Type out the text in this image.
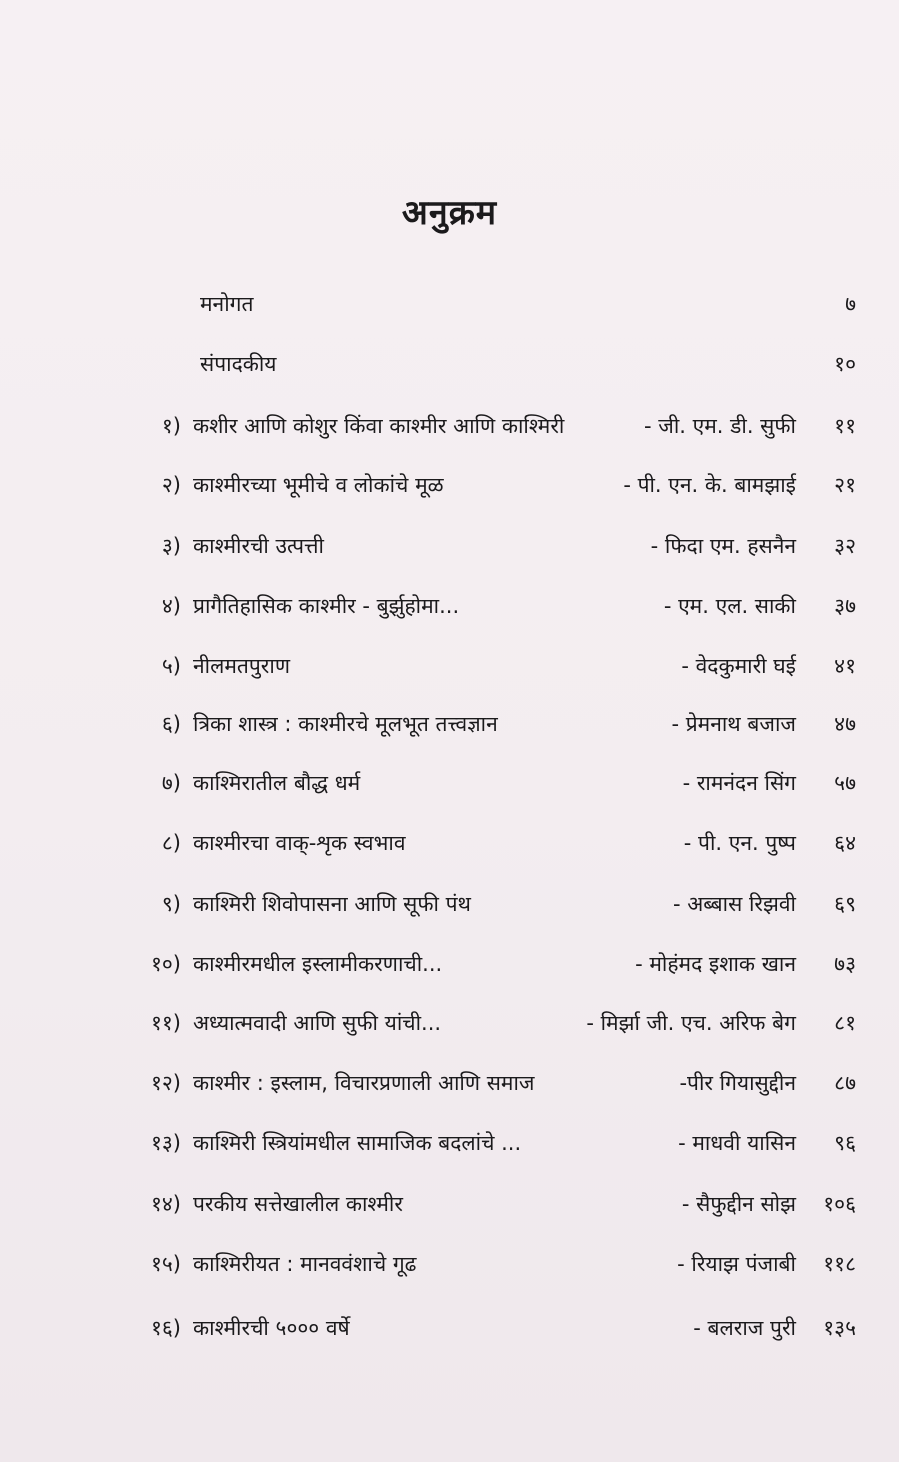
अनुक्रम
मनोगत	७
संपादकीय	१०
१) कशीर आणि कोशुर किंवा काश्मीर आणि काश्मिरी	- जी. एम. डी. सुफी ११
२) काश्मीरच्या भूमीचे व लोकांचे मूळ	- पी. एन. के. बामझाई २१
३) काश्मीरची उत्पत्ती	- फिदा एम. हसनैन ३२
४) प्रागैतिहासिक काश्मीर - बुर्झुहोमा...	- एम. एल. साकी ३७
५) नीलमतपुराण	- वेदकुमारी घई ४१
६) त्रिका शास्त्र : काश्मीरचे मूलभूत तत्त्वज्ञान	- प्रेमनाथ बजाज ४७
७) काश्मिरातील बौद्ध धर्म	- रामनंदन सिंग ५७
८) काश्मीरचा वाक्-शृक स्वभाव	- पी. एन. पुष्प ६४
९) काश्मिरी शिवोपासना आणि सूफी पंथ	- अब्बास रिझवी ६९
१०) काश्मीरमधील इस्लामीकरणाची...	- मोहंमद इशाक खान ७३
११) अध्यात्मवादी आणि सुफी यांची...	- मिर्झा जी. एच. अरिफ बेग ८१
१२) काश्मीर : इस्लाम, विचारप्रणाली आणि समाज	-पीर गियासुद्दीन ८७
१३) काश्मिरी स्त्रियांमधील सामाजिक बदलांचे ...	- माधवी यासिन ९६
१४) परकीय सत्तेखालील काश्मीर	- सैफुद्दीन सोझ १०६
१५) काश्मिरीयत : मानववंशाचे गूढ	- रियाझ पंजाबी ११८
१६) काश्मीरची ५००० वर्षे	- बलराज पुरी १३५
